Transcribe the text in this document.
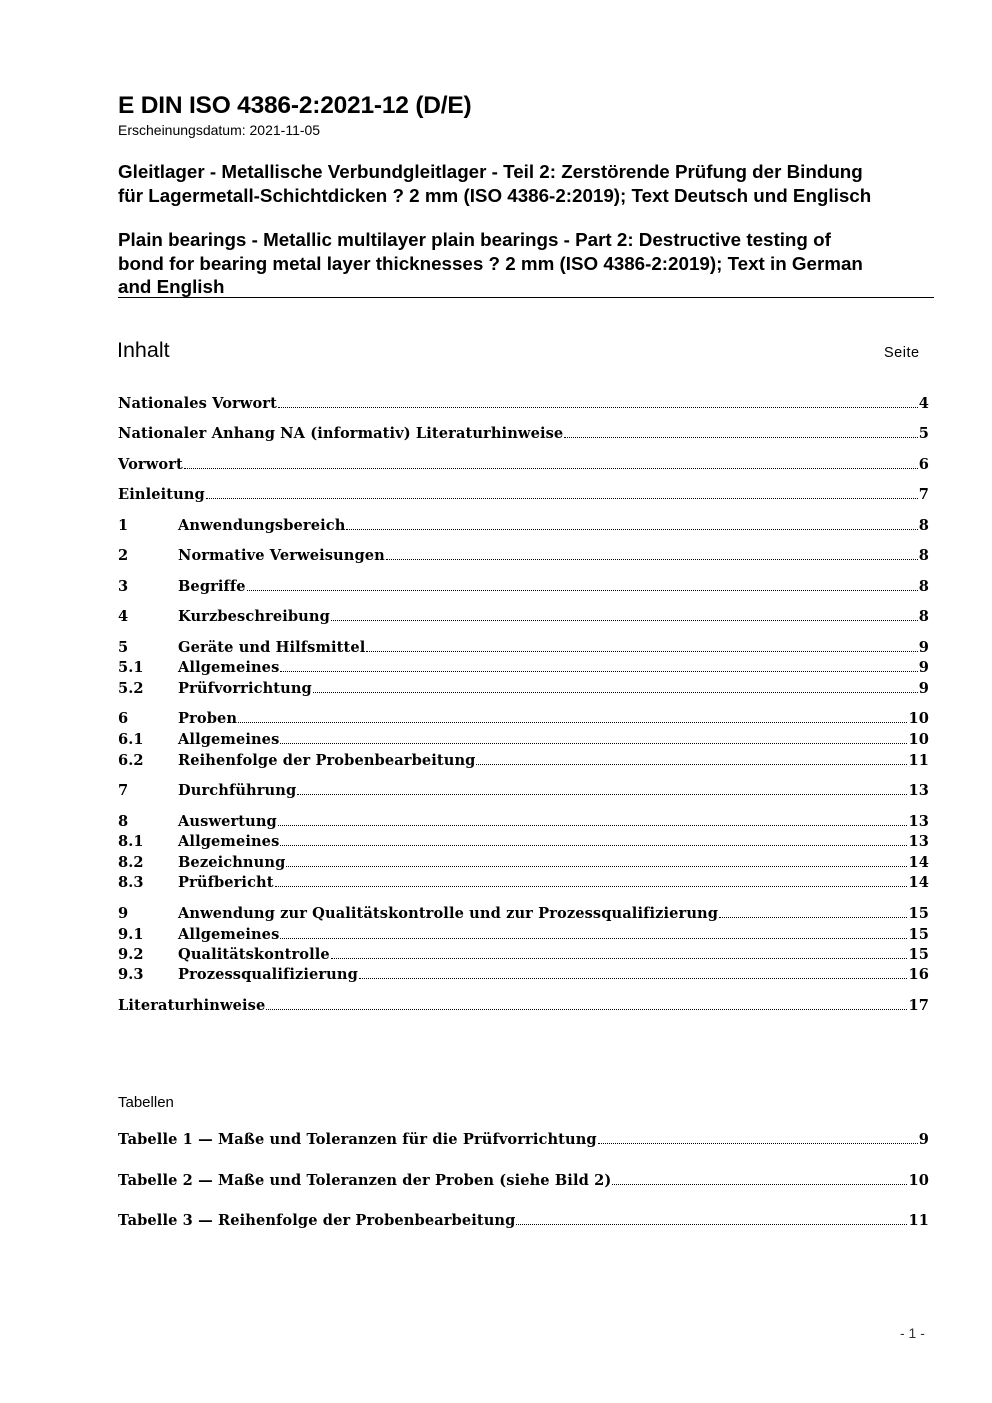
E DIN ISO 4386-2:2021-12 (D/E)
Erscheinungsdatum: 2021-11-05
Gleitlager - Metallische Verbundgleitlager - Teil 2: Zerstörende Prüfung der Bindung
für Lagermetall-Schichtdicken ? 2 mm (ISO 4386-2:2019); Text Deutsch und Englisch
Plain bearings - Metallic multilayer plain bearings - Part 2: Destructive testing of
bond for bearing metal layer thicknesses ? 2 mm (ISO 4386-2:2019); Text in German
and English
Inhalt	Seite
Nationales Vorwort	4
Nationaler Anhang NA (informativ) Literaturhinweise	5
Vorwort	6
Einleitung	7
1	Anwendungsbereich	8
2	Normative Verweisungen	8
3	Begriffe	8
4	Kurzbeschreibung	8
5	Geräte und Hilfsmittel	9
5.1	Allgemeines	9
5.2	Prüfvorrichtung	9
6	Proben	10
6.1	Allgemeines	10
6.2	Reihenfolge der Probenbearbeitung	11
7	Durchführung	13
8	Auswertung	13
8.1	Allgemeines	13
8.2	Bezeichnung	14
8.3	Prüfbericht	14
9	Anwendung zur Qualitätskontrolle und zur Prozessqualifizierung	15
9.1	Allgemeines	15
9.2	Qualitätskontrolle	15
9.3	Prozessqualifizierung	16
Literaturhinweise	17
Tabellen
Tabelle 1 — Maße und Toleranzen für die Prüfvorrichtung	9
Tabelle 2 — Maße und Toleranzen der Proben (siehe Bild 2)	10
Tabelle 3 — Reihenfolge der Probenbearbeitung	11
- 1 -
